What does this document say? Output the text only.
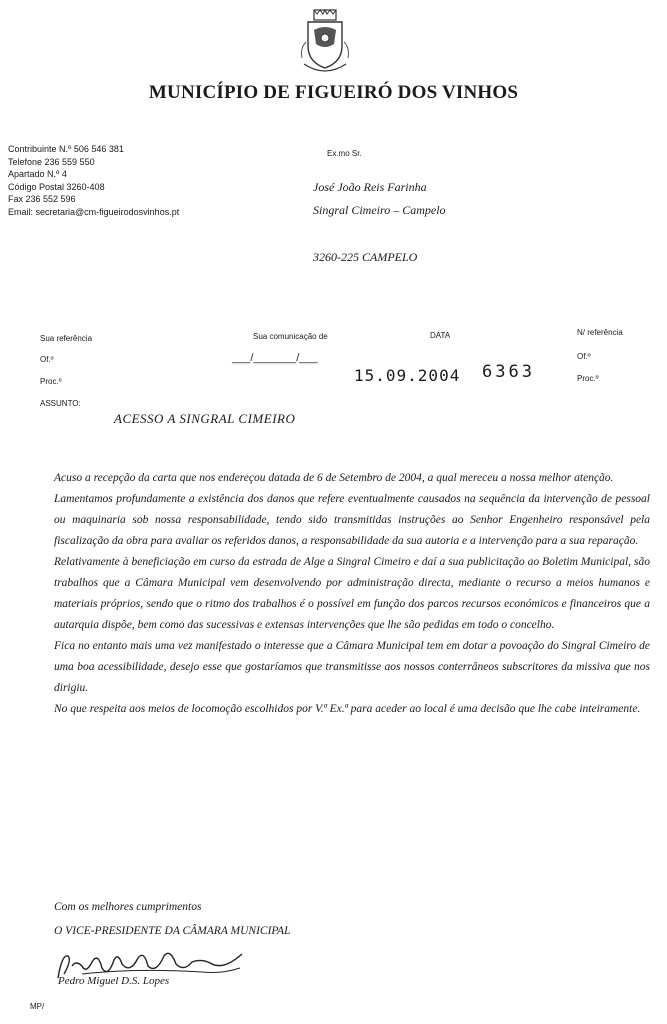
MUNICÍPIO DE FIGUEIRÓ DOS VINHOS
Contribuinte N.º 506 546 381
Telefone 236 559 550
Apartado N.º 4
Código Postal 3260-408
Fax 236 552 596
Email: secretaria@cm-figueirodosvinhos.pt
Ex.mo Sr.
José João Reis Farinha
Singral Cimeiro – Campelo
3260-225 CAMPELO
Sua referência
Of.º
Proc.º
Sua comunicação de
___/_______/___
DATA
15.09.2004 6363
N/ referência
Of.º
Proc.º
ASSUNTO:
ACESSO A SINGRAL CIMEIRO

Acuso a recepção da carta que nos endereçou datada de 6 de Setembro de 2004, a qual mereceu a nossa melhor atenção.

Lamentamos profundamente a existência dos danos que refere eventualmente causados na sequência da intervenção de pessoal ou maquinaria sob nossa responsabilidade, tendo sido transmitidas instruções ao Senhor Engenheiro responsável pela fiscalização da obra para avaliar os referidos danos, a responsabilidade da sua autoria e a intervenção para a sua reparação.

Relativamente à beneficiação em curso da estrada de Alge a Singral Cimeiro e daí a sua publicitação ao Boletim Municipal, são trabalhos que a Câmara Municipal vem desenvolvendo por administração directa, mediante o recurso a meios humanos e materiais próprios, sendo que o ritmo dos trabalhos é o possível em função dos parcos recursos económicos e financeiros que a autarquia dispõe, bem como das sucessivas e extensas intervenções que lhe são pedidas em todo o concelho.

Fica no entanto mais uma vez manifestado o interesse que a Câmara Municipal tem em dotar a povoação do Singral Cimeiro de uma boa acessibilidade, desejo esse que gostaríamos que transmitisse aos nossos conterrâneos subscritores da missiva que nos dirigiu.

No que respeita aos meios de locomoção escolhidos por V.ª Ex.ª para aceder ao local é uma decisão que lhe cabe inteiramente.

Com os melhores cumprimentos
O VICE-PRESIDENTE DA CÂMARA MUNICIPAL
Pedro Miguel D.S. Lopes
MP/
